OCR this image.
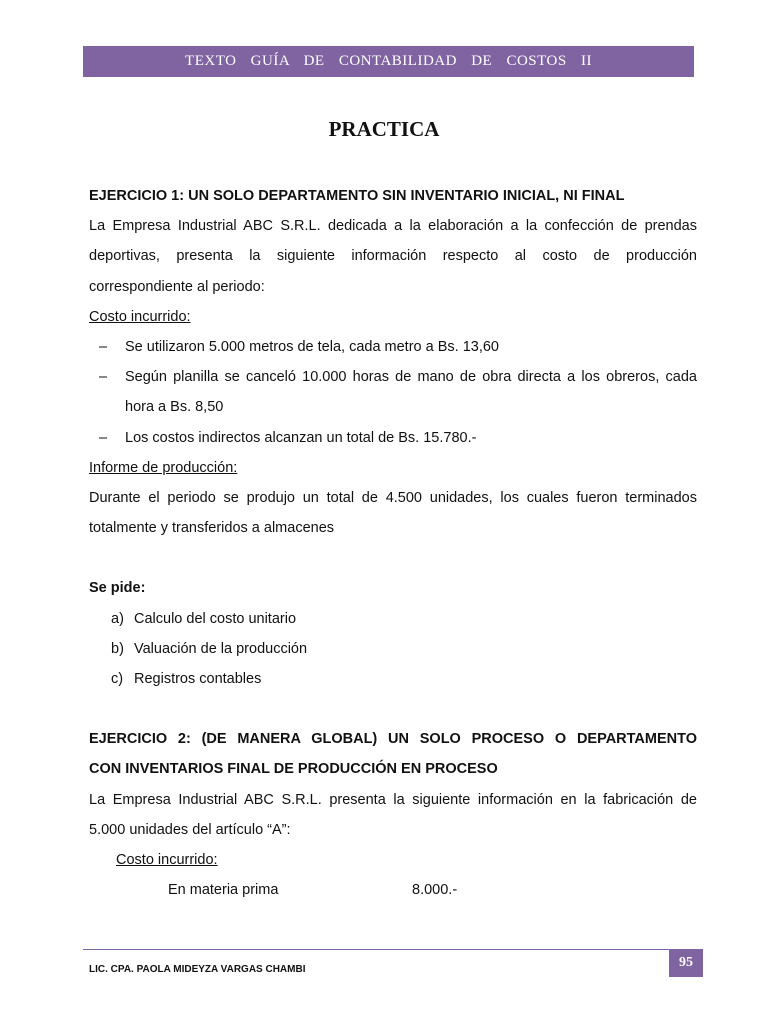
TEXTO GUÍA DE CONTABILIDAD DE COSTOS II
PRACTICA

EJERCICIO 1: UN SOLO DEPARTAMENTO SIN INVENTARIO INICIAL, NI FINAL

La Empresa Industrial ABC S.R.L. dedicada a la elaboración a la confección de prendas

deportivas, presenta la siguiente información respecto al costo de producción

correspondiente al periodo:

Costo incurrido:

–	Se utilizaron 5.000 metros de tela, cada metro a Bs. 13,60
–	Según planilla se canceló 10.000 horas de mano de obra directa a los obreros, cada hora a Bs. 8,50
–	Los costos indirectos alcanzan un total de Bs. 15.780.-

Informe de producción:

Durante el periodo se produjo un total de 4.500 unidades, los cuales fueron terminados

totalmente y transferidos a almacenes

Se pide:

a) Calculo del costo unitario
b) Valuación de la producción
c) Registros contables

EJERCICIO 2: (DE MANERA GLOBAL) UN SOLO PROCESO O DEPARTAMENTO

CON INVENTARIOS FINAL DE PRODUCCIÓN EN PROCESO

La Empresa Industrial ABC S.R.L. presenta la siguiente información en la fabricación de

5.000 unidades del artículo “A”:

Costo incurrido:

En materia prima	8.000.-
95
LIC. CPA. PAOLA MIDEYZA VARGAS CHAMBI
